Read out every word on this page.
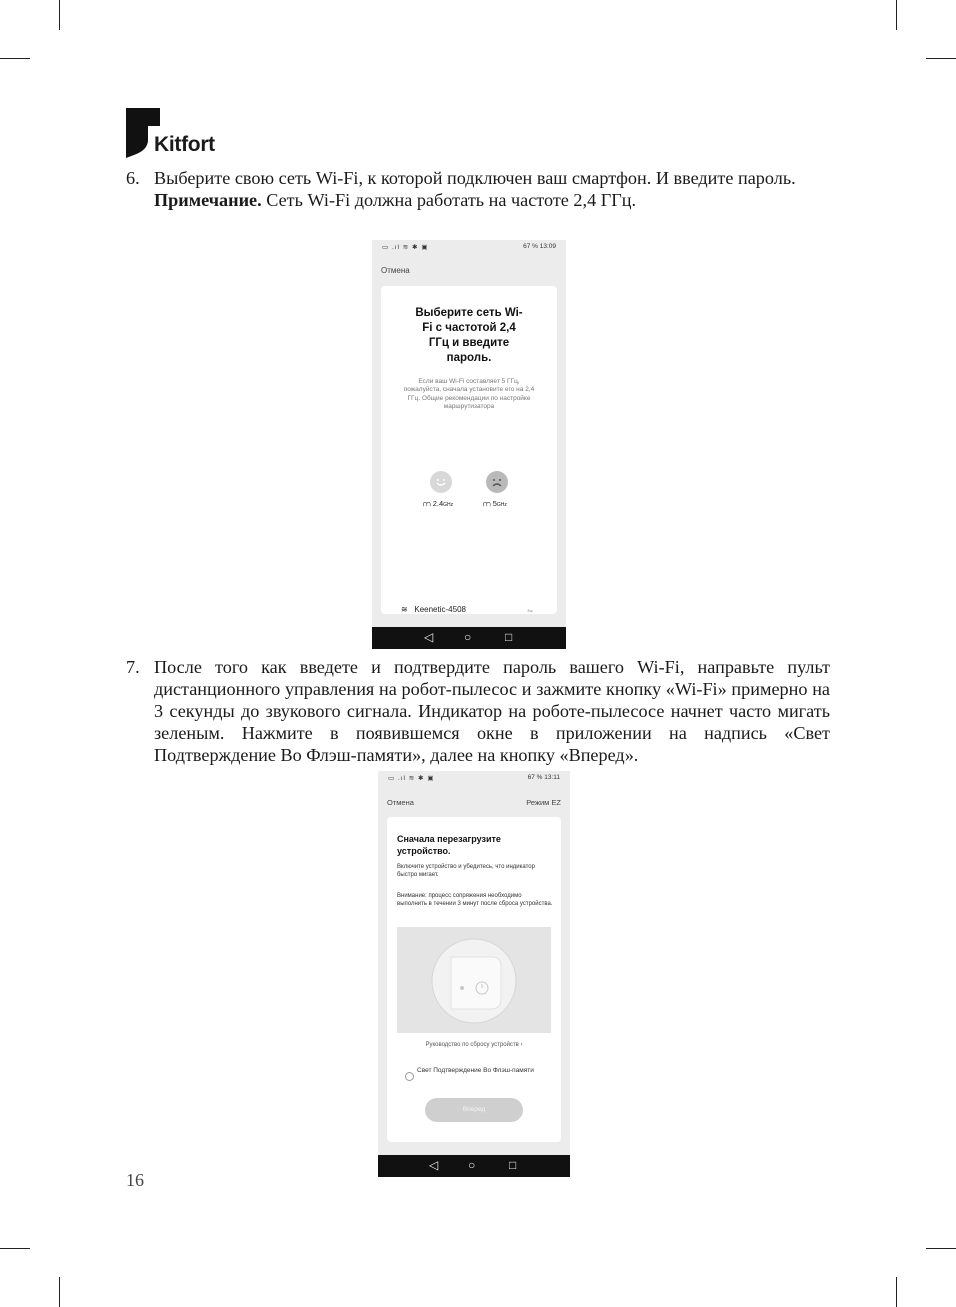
Kitfort
6. Выберите свою сеть Wi-Fi, к которой подключен ваш смартфон. И введите пароль.

Примечание. Сеть Wi-Fi должна работать на частоте 2,4 ГГц.

▭ .ıl ≋ ✱ ▣	67 % 13:09
Отмена
Выберите сеть Wi-Fi с частотой 2,4 ГГц и введите пароль.
Если ваш Wi-Fi составляет 5 ГГц, пожалуйста, сначала установите его на 2,4 ГГц. Общие рекомендации по настройке маршрутизатора
⩋ 2.4GHz	⩋ 5GHz
≋ Keenetic-4508	⇋

◁	○	□
7. После того как введете и подтвердите пароль вашего Wi-Fi, направьте пульт дистанционного управления на робот-пылесос и зажмите кнопку «Wi-Fi» примерно на 3 секунды до звукового сигнала. Индикатор на роботе-пылесосе начнет часто мигать зеленым. Нажмите в появившемся окне в приложении на надпись «Свет Подтверждение Во Флэш-памяти», далее на кнопку «Вперед».

▭ .ıl ≋ ✱ ▣	67 % 13:11
Отмена	Режим EZ
Сначала перезагрузите устройство.
Включите устройство и убедитесь, что индикатор быстро мигает.
Внимание: процесс сопряжения необходимо выполнить в течении 3 минут после сброса устройства.
Руководство по сбросу устройств ›
Свет Подтверждение Во Флэш-памяти
Вперед
◁ ○	□
16
